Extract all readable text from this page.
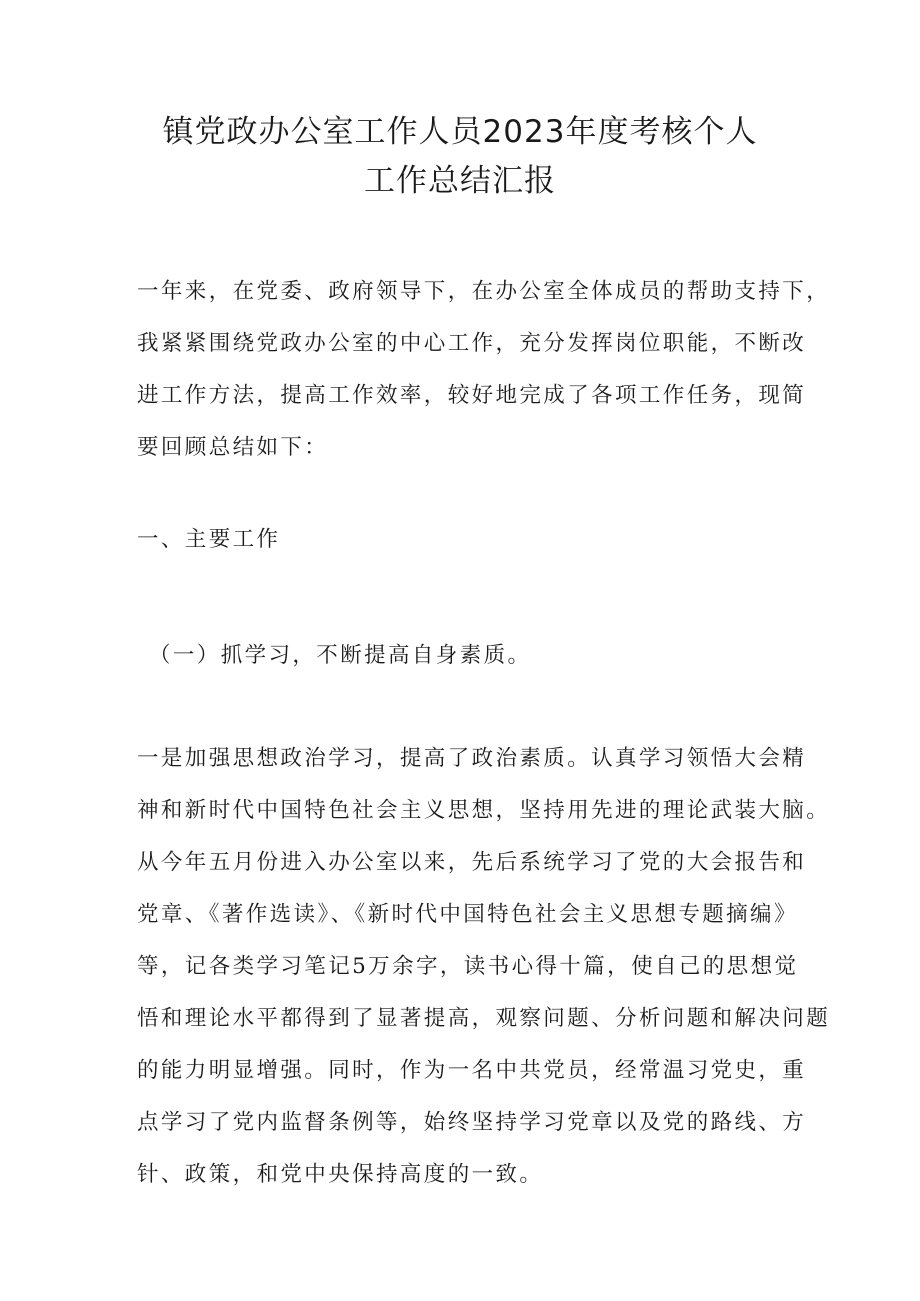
镇党政办公室工作人员2023年度考核个人
工作总结汇报
一年来，在党委、政府领导下，在办公室全体成员的帮助支持下，
我紧紧围绕党政办公室的中心工作，充分发挥岗位职能，不断改
进工作方法，提高工作效率，较好地完成了各项工作任务，现简
要回顾总结如下：
一、主要工作
（一）抓学习，不断提高自身素质。
一是加强思想政治学习，提高了政治素质。认真学习领悟大会精
神和新时代中国特色社会主义思想，坚持用先进的理论武装大脑。
从今年五月份进入办公室以来，先后系统学习了党的大会报告和
党章、《著作选读》、《新时代中国特色社会主义思想专题摘编》
等，记各类学习笔记5万余字，读书心得十篇，使自己的思想觉
悟和理论水平都得到了显著提高，观察问题、分析问题和解决问题
的能力明显增强。同时，作为一名中共党员，经常温习党史，重
点学习了党内监督条例等，始终坚持学习党章以及党的路线、方
针、政策，和党中央保持高度的一致。
